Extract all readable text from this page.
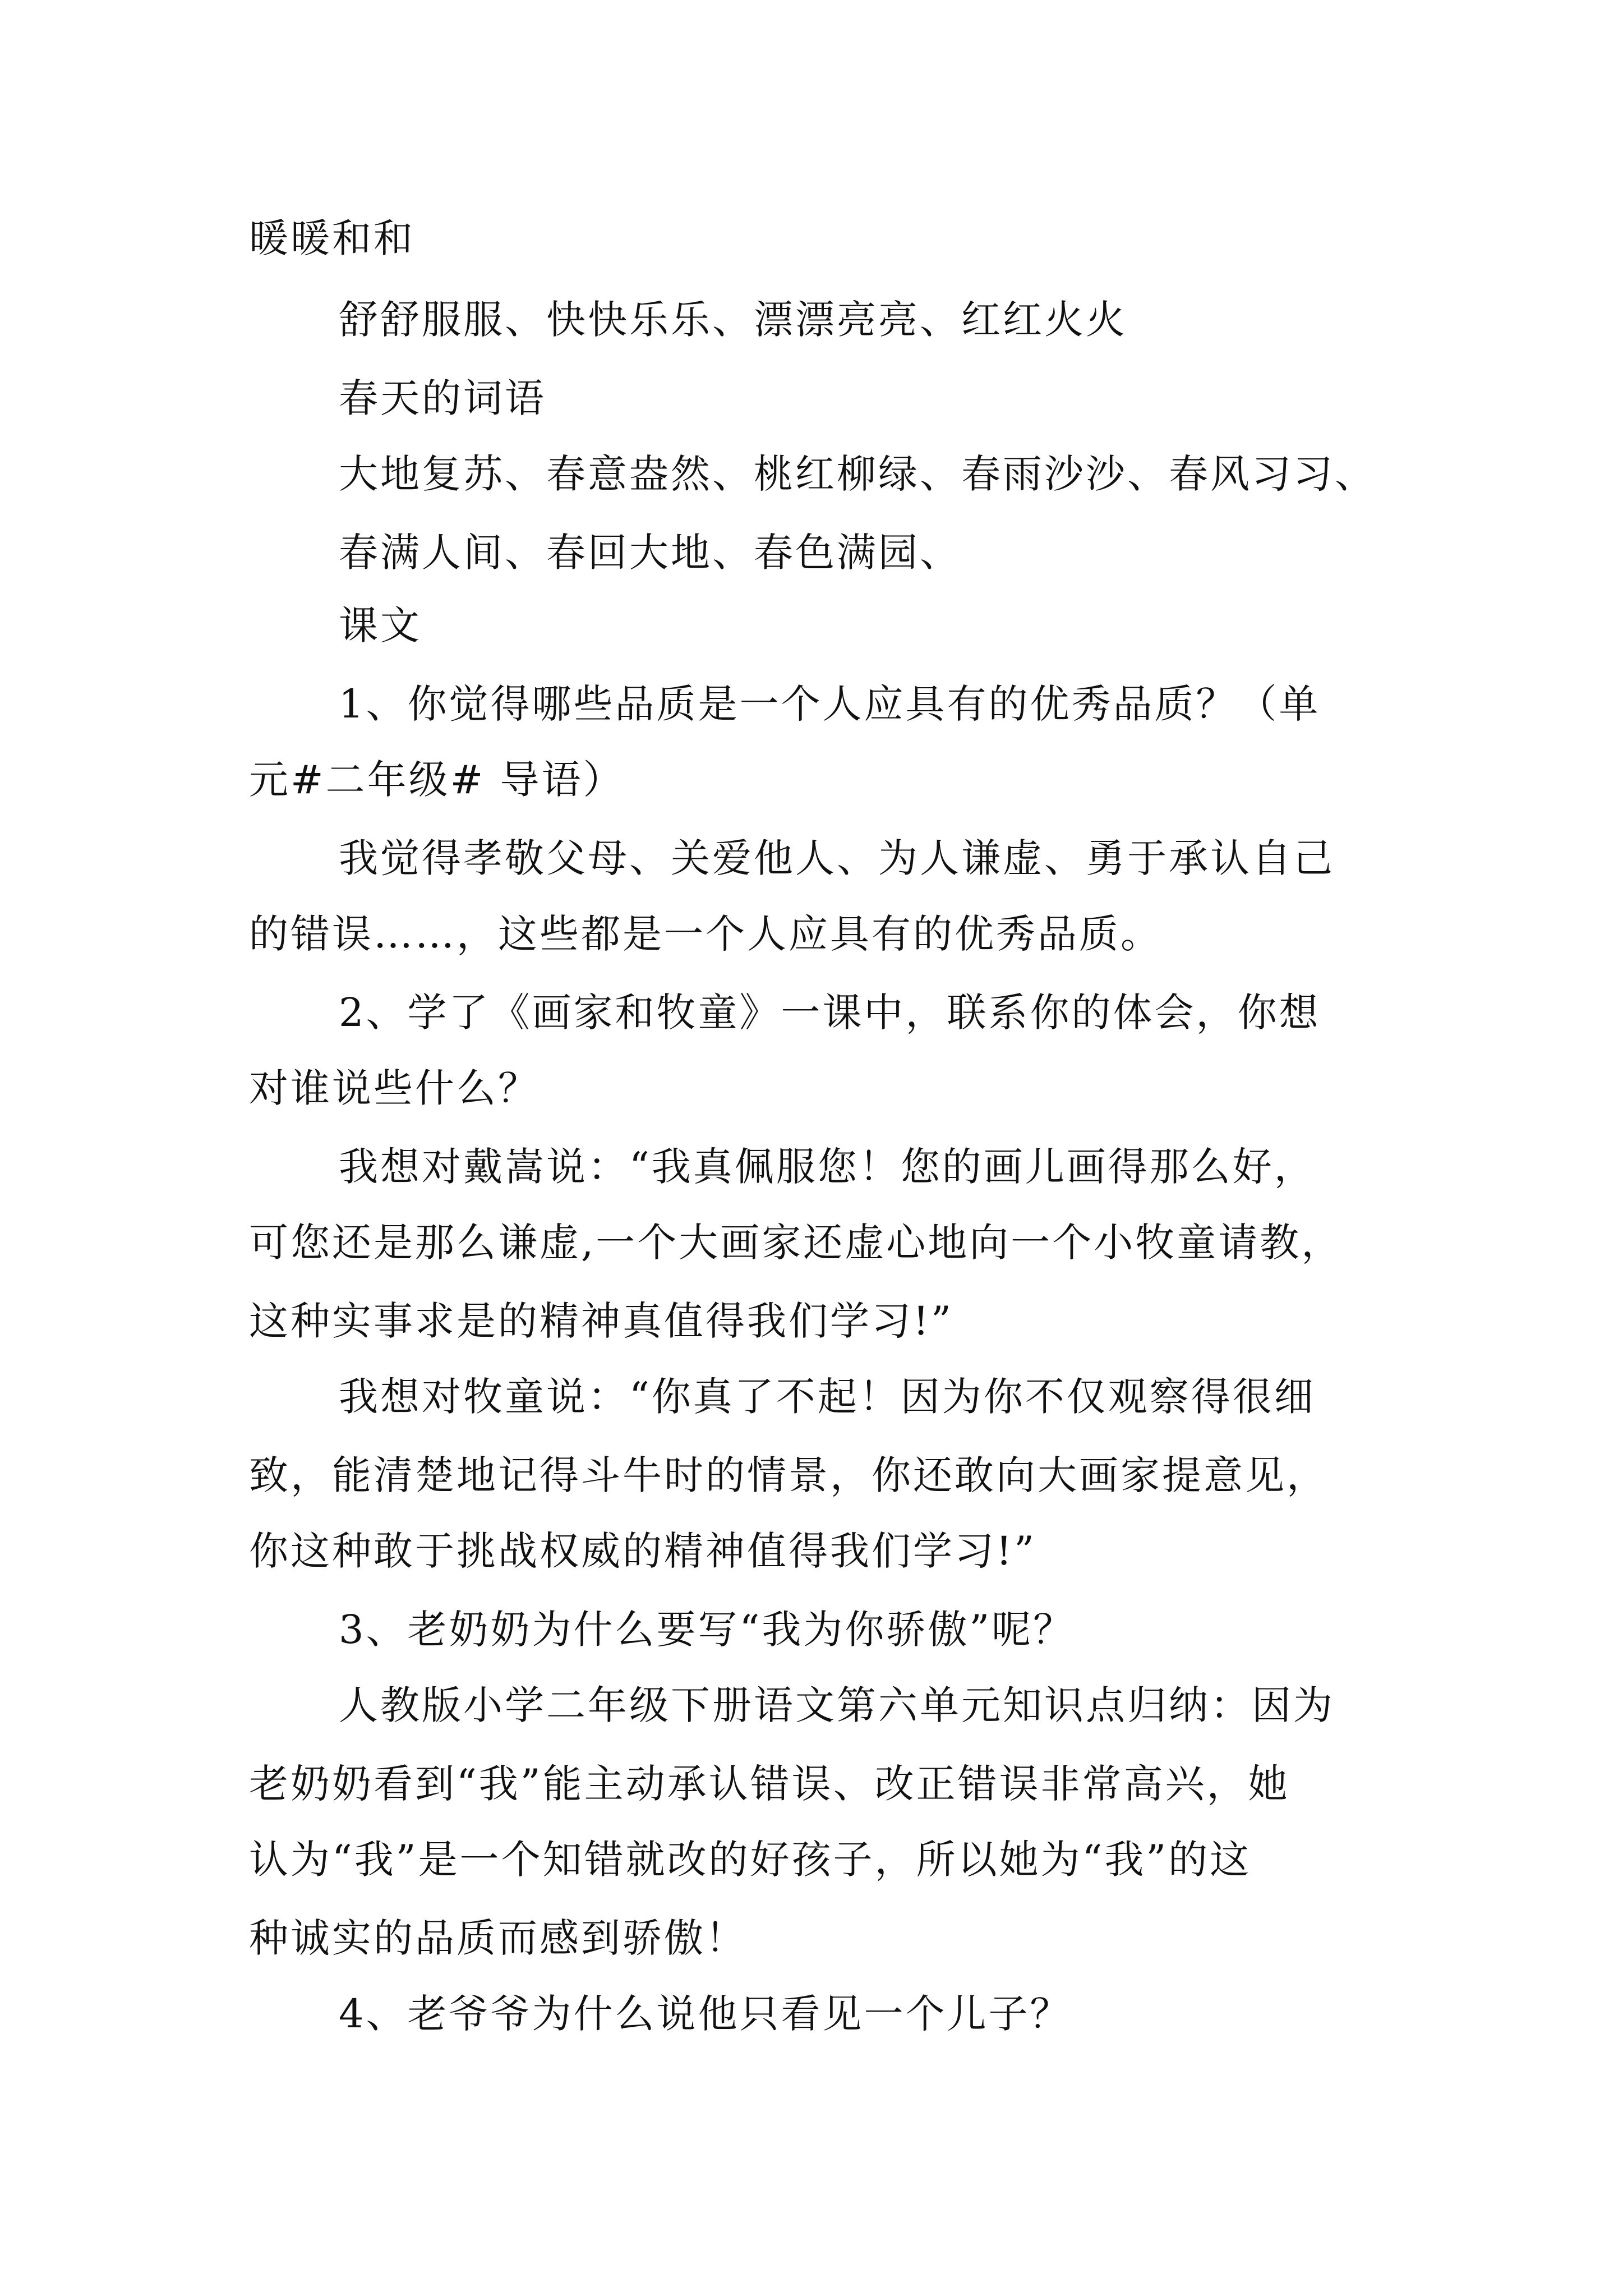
暖暖和和
舒舒服服、快快乐乐、漂漂亮亮、红红火火
春天的词语
大地复苏、春意盎然、桃红柳绿、春雨沙沙、春风习习、
春满人间、春回大地、春色满园、
课文
1、你觉得哪些品质是一个人应具有的优秀品质？（单
元#二年级# 导语）
我觉得孝敬父母、关爱他人、为人谦虚、勇于承认自己
的错误……，这些都是一个人应具有的优秀品质。
2、学了《画家和牧童》一课中，联系你的体会，你想
对谁说些什么？
我想对戴嵩说：“我真佩服您！您的画儿画得那么好，
可您还是那么谦虚,一个大画家还虚心地向一个小牧童请教，
这种实事求是的精神真值得我们学习!”
我想对牧童说：“你真了不起！因为你不仅观察得很细
致，能清楚地记得斗牛时的情景，你还敢向大画家提意见，
你这种敢于挑战权威的精神值得我们学习!”
3、老奶奶为什么要写“我为你骄傲”呢？
人教版小学二年级下册语文第六单元知识点归纳：因为
老奶奶看到“我”能主动承认错误、改正错误非常高兴，她
认为“我”是一个知错就改的好孩子，所以她为“我”的这
种诚实的品质而感到骄傲！
4、老爷爷为什么说他只看见一个儿子？
